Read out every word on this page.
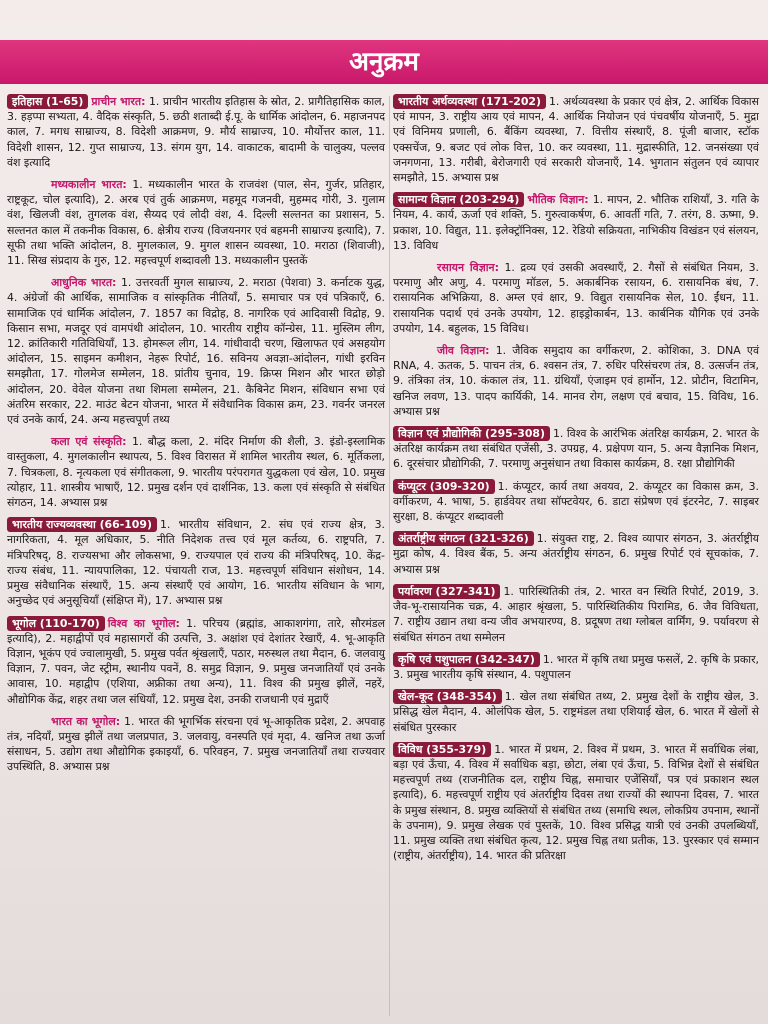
अनुक्रम

इतिहास (1-65) प्राचीन भारत: 1. प्राचीन भारतीय इतिहास के स्रोत, 2. प्रागैतिहासिक काल, 3. हड़प्पा सभ्यता, 4. वैदिक संस्कृति, 5. छठी शताब्दी ई.पू. के धार्मिक आंदोलन, 6. महाजनपद काल, 7. मगध साम्राज्य, 8. विदेशी आक्रमण, 9. मौर्य साम्राज्य, 10. मौर्योत्तर काल, 11. विदेशी शासन, 12. गुप्त साम्राज्य, 13. संगम युग, 14. वाकाटक, बादामी के चालुक्य, पल्लव वंश इत्यादि

मध्यकालीन भारत: 1. मध्यकालीन भारत के राजवंश (पाल, सेन, गुर्जर, प्रतिहार, राष्ट्रकूट, चोल इत्यादि), 2. अरब एवं तुर्क आक्रमण, महमूद गजनवी, मुहम्मद गोरी, 3. गुलाम वंश, खिलजी वंश, तुगलक वंश, सैय्यद एवं लोदी वंश, 4. दिल्ली सल्तनत का प्रशासन, 5. सल्तनत काल में तकनीक विकास, 6. क्षेत्रीय राज्य (विजयनगर एवं बहमनी साम्राज्य इत्यादि), 7. सूफी तथा भक्ति आंदोलन, 8. मुगलकाल, 9. मुगल शासन व्यवस्था, 10. मराठा (शिवाजी), 11. सिख संप्रदाय के गुरु, 12. महत्त्वपूर्ण शब्दावली 13. मध्यकालीन पुस्तकें

आधुनिक भारत: 1. उत्तरवर्ती मुगल साम्राज्य, 2. मराठा (पेशवा) 3. कर्नाटक युद्ध, 4. अंग्रेजों की आर्थिक, सामाजिक व सांस्कृतिक नीतियाँ, 5. समाचार पत्र एवं पत्रिकाएँ, 6. सामाजिक एवं धार्मिक आंदोलन, 7. 1857 का विद्रोह, 8. नागरिक एवं आदिवासी विद्रोह, 9. किसान सभा, मजदूर एवं वामपंथी आंदोलन, 10. भारतीय राष्ट्रीय कॉन्ग्रेस, 11. मुस्लिम लीग, 12. क्रांतिकारी गतिविधियाँ, 13. होमरूल लीग, 14. गांधीवादी चरण, खिलाफत एवं असहयोग आंदोलन, 15. साइमन कमीशन, नेहरू रिपोर्ट, 16. सविनय अवज्ञा-आंदोलन, गांधी इरविन समझौता, 17. गोलमेज सम्मेलन, 18. प्रांतीय चुनाव, 19. क्रिप्स मिशन और भारत छोड़ो आंदोलन, 20. वेवेल योजना तथा शिमला सम्मेलन, 21. कैबिनेट मिशन, संविधान सभा एवं अंतरिम सरकार, 22. माउंट बेटन योजना, भारत में संवैधानिक विकास क्रम, 23. गवर्नर जनरल एवं उनके कार्य, 24. अन्य महत्त्वपूर्ण तथ्य

कला एवं संस्कृति: 1. बौद्ध कला, 2. मंदिर निर्माण की शैली, 3. इंडो-इस्लामिक वास्तुकला, 4. मुगलकालीन स्थापत्य, 5. विश्व विरासत में शामिल भारतीय स्थल, 6. मूर्तिकला, 7. चित्रकला, 8. नृत्यकला एवं संगीतकला, 9. भारतीय परंपरागत युद्धकला एवं खेल, 10. प्रमुख त्योहार, 11. शास्त्रीय भाषाएँ, 12. प्रमुख दर्शन एवं दार्शनिक, 13. कला एवं संस्कृति से संबंधित संगठन, 14. अभ्यास प्रश्न

भारतीय राज्यव्यवस्था (66-109) 1. भारतीय संविधान, 2. संघ एवं राज्य क्षेत्र, 3. नागरिकता, 4. मूल अधिकार, 5. नीति निदेशक तत्त्व एवं मूल कर्तव्य, 6. राष्ट्रपति, 7. मंत्रिपरिषद्, 8. राज्यसभा और लोकसभा, 9. राज्यपाल एवं राज्य की मंत्रिपरिषद्, 10. केंद्र-राज्य संबंध, 11. न्यायपालिका, 12. पंचायती राज, 13. महत्त्वपूर्ण संविधान संशोधन, 14. प्रमुख संवैधानिक संस्थाएँ, 15. अन्य संस्थाएँ एवं आयोग, 16. भारतीय संविधान के भाग, अनुच्छेद एवं अनुसूचियाँ (संक्षिप्त में), 17. अभ्यास प्रश्न

भूगोल (110-170) विश्व का भूगोल: 1. परिचय (ब्रह्मांड, आकाशगंगा, तारे, सौरमंडल इत्यादि), 2. महाद्वीपों एवं महासागरों की उत्पत्ति, 3. अक्षांश एवं देशांतर रेखाएँ, 4. भू-आकृति विज्ञान, भूकंप एवं ज्वालामुखी, 5. प्रमुख पर्वत श्रृंखलाएँ, पठार, मरुस्थल तथा मैदान, 6. जलवायु विज्ञान, 7. पवन, जेट स्ट्रीम, स्थानीय पवनें, 8. समुद्र विज्ञान, 9. प्रमुख जनजातियाँ एवं उनके आवास, 10. महाद्वीप (एशिया, अफ्रीका तथा अन्य), 11. विश्व की प्रमुख झीलें, नहरें, औद्योगिक केंद्र, शहर तथा जल संधियाँ, 12. प्रमुख देश, उनकी राजधानी एवं मुद्राएँ

भारत का भूगोल: 1. भारत की भूगर्भिक संरचना एवं भू-आकृतिक प्रदेश, 2. अपवाह तंत्र, नदियाँ, प्रमुख झीलें तथा जलप्रपात, 3. जलवायु, वनस्पति एवं मृदा, 4. खनिज तथा ऊर्जा संसाधन, 5. उद्योग तथा औद्योगिक इकाइयाँ, 6. परिवहन, 7. प्रमुख जनजातियाँ तथा राज्यवार उपस्थिति, 8. अभ्यास प्रश्न

भारतीय अर्थव्यवस्था (171-202) 1. अर्थव्यवस्था के प्रकार एवं क्षेत्र, 2. आर्थिक विकास एवं मापन, 3. राष्ट्रीय आय एवं मापन, 4. आर्थिक नियोजन एवं पंचवर्षीय योजनाएँ, 5. मुद्रा एवं विनिमय प्रणाली, 6. बैंकिंग व्यवस्था, 7. वित्तीय संस्थाएँ, 8. पूंजी बाजार, स्टॉक एक्सचेंज, 9. बजट एवं लोक वित्त, 10. कर व्यवस्था, 11. मुद्रास्फीति, 12. जनसंख्या एवं जनगणना, 13. गरीबी, बेरोजगारी एवं सरकारी योजनाएँ, 14. भुगतान संतुलन एवं व्यापार समझौते, 15. अभ्यास प्रश्न

सामान्य विज्ञान (203-294) भौतिक विज्ञान: 1. मापन, 2. भौतिक राशियाँ, 3. गति के नियम, 4. कार्य, ऊर्जा एवं शक्ति, 5. गुरुत्वाकर्षण, 6. आवर्ती गति, 7. तरंग, 8. ऊष्मा, 9. प्रकाश, 10. विद्युत, 11. इलेक्ट्रॉनिक्स, 12. रेडियो सक्रियता, नाभिकीय विखंडन एवं संलयन, 13. विविध

रसायन विज्ञान: 1. द्रव्य एवं उसकी अवस्थाएँ, 2. गैसों से संबंधित नियम, 3. परमाणु और अणु, 4. परमाणु मॉडल, 5. अकार्बनिक रसायन, 6. रासायनिक बंध, 7. रासायनिक अभिक्रिया, 8. अम्ल एवं क्षार, 9. विद्युत रासायनिक सेल, 10. ईंधन, 11. रासायनिक पदार्थ एवं उनके उपयोग, 12. हाइड्रोकार्बन, 13. कार्बनिक यौगिक एवं उनके उपयोग, 14. बहुलक, 15 विविध।

जीव विज्ञान: 1. जैविक समुदाय का वर्गीकरण, 2. कोशिका, 3. DNA एवं RNA, 4. ऊतक, 5. पाचन तंत्र, 6. श्वसन तंत्र, 7. रुधिर परिसंचरण तंत्र, 8. उत्सर्जन तंत्र, 9. तंत्रिका तंत्र, 10. कंकाल तंत्र, 11. ग्रंथियाँ, एंजाइम एवं हार्मोन, 12. प्रोटीन, विटामिन, खनिज लवण, 13. पादप कार्यिकी, 14. मानव रोग, लक्षण एवं बचाव, 15. विविध, 16. अभ्यास प्रश्न

विज्ञान एवं प्रौद्योगिकी (295-308) 1. विश्व के आरंभिक अंतरिक्ष कार्यक्रम, 2. भारत के अंतरिक्ष कार्यक्रम तथा संबंधित एजेंसी, 3. उपग्रह, 4. प्रक्षेपण यान, 5. अन्य वैज्ञानिक मिशन, 6. दूरसंचार प्रौद्योगिकी, 7. परमाणु अनुसंधान तथा विकास कार्यक्रम, 8. रक्षा प्रौद्योगिकी

कंप्यूटर (309-320) 1. कंप्यूटर, कार्य तथा अवयव, 2. कंप्यूटर का विकास क्रम, 3. वर्गीकरण, 4. भाषा, 5. हार्डवेयर तथा सॉफ्टवेयर, 6. डाटा संप्रेषण एवं इंटरनेट, 7. साइबर सुरक्षा, 8. कंप्यूटर शब्दावली

अंतर्राष्ट्रीय संगठन (321-326) 1. संयुक्त राष्ट्र, 2. विश्व व्यापार संगठन, 3. अंतर्राष्ट्रीय मुद्रा कोष, 4. विश्व बैंक, 5. अन्य अंतर्राष्ट्रीय संगठन, 6. प्रमुख रिपोर्ट एवं सूचकांक, 7. अभ्यास प्रश्न

पर्यावरण (327-341) 1. पारिस्थितिकी तंत्र, 2. भारत वन स्थिति रिपोर्ट, 2019, 3. जैव-भू-रासायनिक चक्र, 4. आहार श्रृंखला, 5. पारिस्थितिकीय पिरामिड, 6. जैव विविधता, 7. राष्ट्रीय उद्यान तथा वन्य जीव अभयारण्य, 8. प्रदूषण तथा ग्लोबल वार्मिंग, 9. पर्यावरण से संबंधित संगठन तथा सम्मेलन

कृषि एवं पशुपालन (342-347) 1. भारत में कृषि तथा प्रमुख फसलें, 2. कृषि के प्रकार, 3. प्रमुख भारतीय कृषि संस्थान, 4. पशुपालन

खेल-कूद (348-354) 1. खेल तथा संबंधित तथ्य, 2. प्रमुख देशों के राष्ट्रीय खेल, 3. प्रसिद्ध खेल मैदान, 4. ओलंपिक खेल, 5. राष्ट्रमंडल तथा एशियाई खेल, 6. भारत में खेलों से संबंधित पुरस्कार

विविध (355-379) 1. भारत में प्रथम, 2. विश्व में प्रथम, 3. भारत में सर्वाधिक लंबा, बड़ा एवं ऊँचा, 4. विश्व में सर्वाधिक बड़ा, छोटा, लंबा एवं ऊँचा, 5. विभिन्न देशों से संबंधित महत्त्वपूर्ण तथ्य (राजनीतिक दल, राष्ट्रीय चिह्न, समाचार एजेंसियाँ, पत्र एवं प्रकाशन स्थल इत्यादि), 6. महत्त्वपूर्ण राष्ट्रीय एवं अंतर्राष्ट्रीय दिवस तथा राज्यों की स्थापना दिवस, 7. भारत के प्रमुख संस्थान, 8. प्रमुख व्यक्तियों से संबंधित तथ्य (समाधि स्थल, लोकप्रिय उपनाम, स्थानों के उपनाम), 9. प्रमुख लेखक एवं पुस्तकें, 10. विश्व प्रसिद्ध यात्री एवं उनकी उपलब्धियाँ, 11. प्रमुख व्यक्ति तथा संबंधित कृत्य, 12. प्रमुख चिह्न तथा प्रतीक, 13. पुरस्कार एवं सम्मान (राष्ट्रीय, अंतर्राष्ट्रीय), 14. भारत की प्रतिरक्षा
